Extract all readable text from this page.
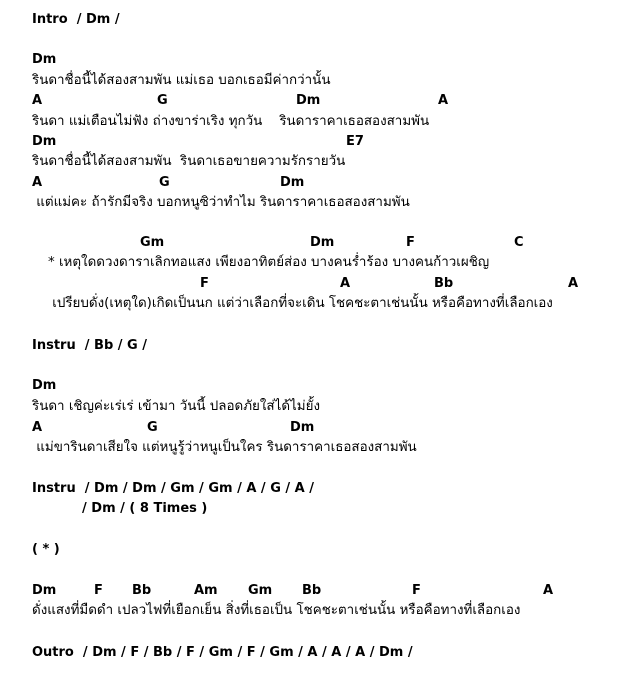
Intro  / Dm /
Dm
รินดาชื่อนี้ได้สองสามพัน แม่เธอ บอกเธอมีค่ากว่านั้น
A	G	Dm	A
รินดา แม่เตือนไม่ฟัง ถ่างขาร่าเริง ทุกวัน    รินดาราคาเธอสองสามพัน
Dm	E7
รินดาชื่อนี้ได้สองสามพัน  รินดาเธอขายความรักรายวัน
A	G	Dm
แต่แม่คะ ถ้ารักมีจริง บอกหนูซิว่าทำไม รินดาราคาเธอสองสามพัน
Gm	Dm	F	C
* เหตุใดดวงดาราเลิกทอแสง เพียงอาทิตย์ส่อง บางคนร่ำร้อง บางคนก้าวเผชิญ
F	A	Bb	A
เปรียบดั่ง(เหตุใด)เกิดเป็นนก แต่ว่าเลือกที่จะเดิน โชคชะตาเช่นนั้น หรือคือทางที่เลือกเอง
Instru  / Bb / G /
Dm
รินดา เชิญค่ะเร่เร่ เข้ามา วันนี้ ปลอดภัยใส่ได้ไม่ยั้ง
A	G	Dm
แม่ขารินดาเสียใจ แต่หนูรู้ว่าหนูเป็นใคร รินดาราคาเธอสองสามพัน
Instru  / Dm / Dm / Gm / Gm / A / G / A /
/ Dm / ( 8 Times )
( * )
Dm	F Bb	Am Gm Bb	F	A
ดั่งแสงที่มืดดำ เปลวไฟที่เยือกเย็น สิ่งที่เธอเป็น โชคชะตาเช่นนั้น หรือคือทางที่เลือกเอง
Outro  / Dm / F / Bb / F / Gm / F / Gm / A / A / A / Dm /
